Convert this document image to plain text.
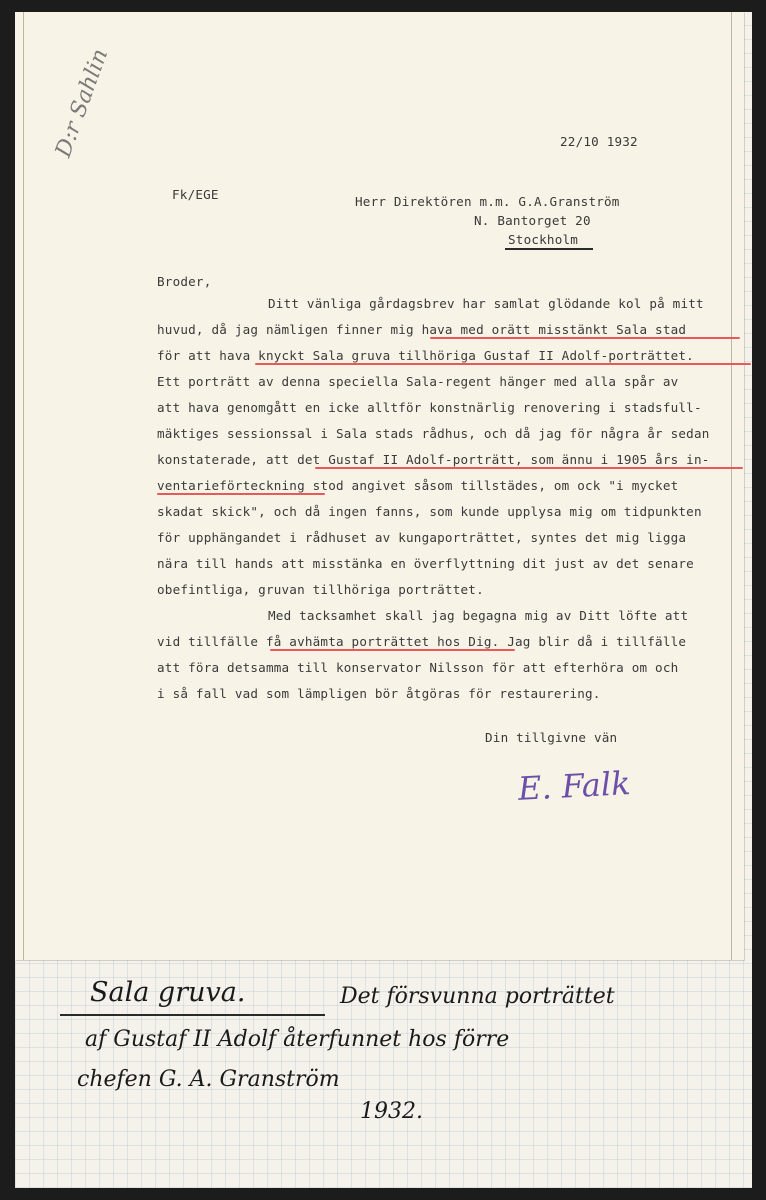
D:r Sahlin	22/10 1932
Fk/EGE	Herr Direktören m.m. G.A.Granström
N. Bantorget 20
Stockholm
Broder,
Ditt vänliga gårdagsbrev har samlat glödande kol på mitt
huvud, då jag nämligen finner mig hava med orätt misstänkt Sala stad
för att hava knyckt Sala gruva tillhöriga Gustaf II Adolf-porträttet.
Ett porträtt av denna speciella Sala-regent hänger med alla spår av
att hava genomgått en icke alltför konstnärlig renovering i stadsfull-
mäktiges sessionssal i Sala stads rådhus, och då jag för några år sedan
konstaterade, att det Gustaf II Adolf-porträtt, som ännu i 1905 års in-
ventarieförteckning stod angivet såsom tillstädes, om ock "i mycket
skadat skick", och då ingen fanns, som kunde upplysa mig om tidpunkten
för upphängandet i rådhuset av kungaporträttet, syntes det mig ligga
nära till hands att misstänka en överflyttning dit just av det senare
obefintliga, gruvan tillhöriga porträttet.
Med tacksamhet skall jag begagna mig av Ditt löfte att
vid tillfälle få avhämta porträttet hos Dig. Jag blir då i tillfälle
att föra detsamma till konservator Nilsson för att efterhöra om och
i så fall vad som lämpligen bör åtgöras för restaurering.
Din tillgivne vän
E. Falk
Sala gruva.	Det försvunna porträttet
af Gustaf II Adolf återfunnet hos förre
chefen G. A. Granström
1932.
